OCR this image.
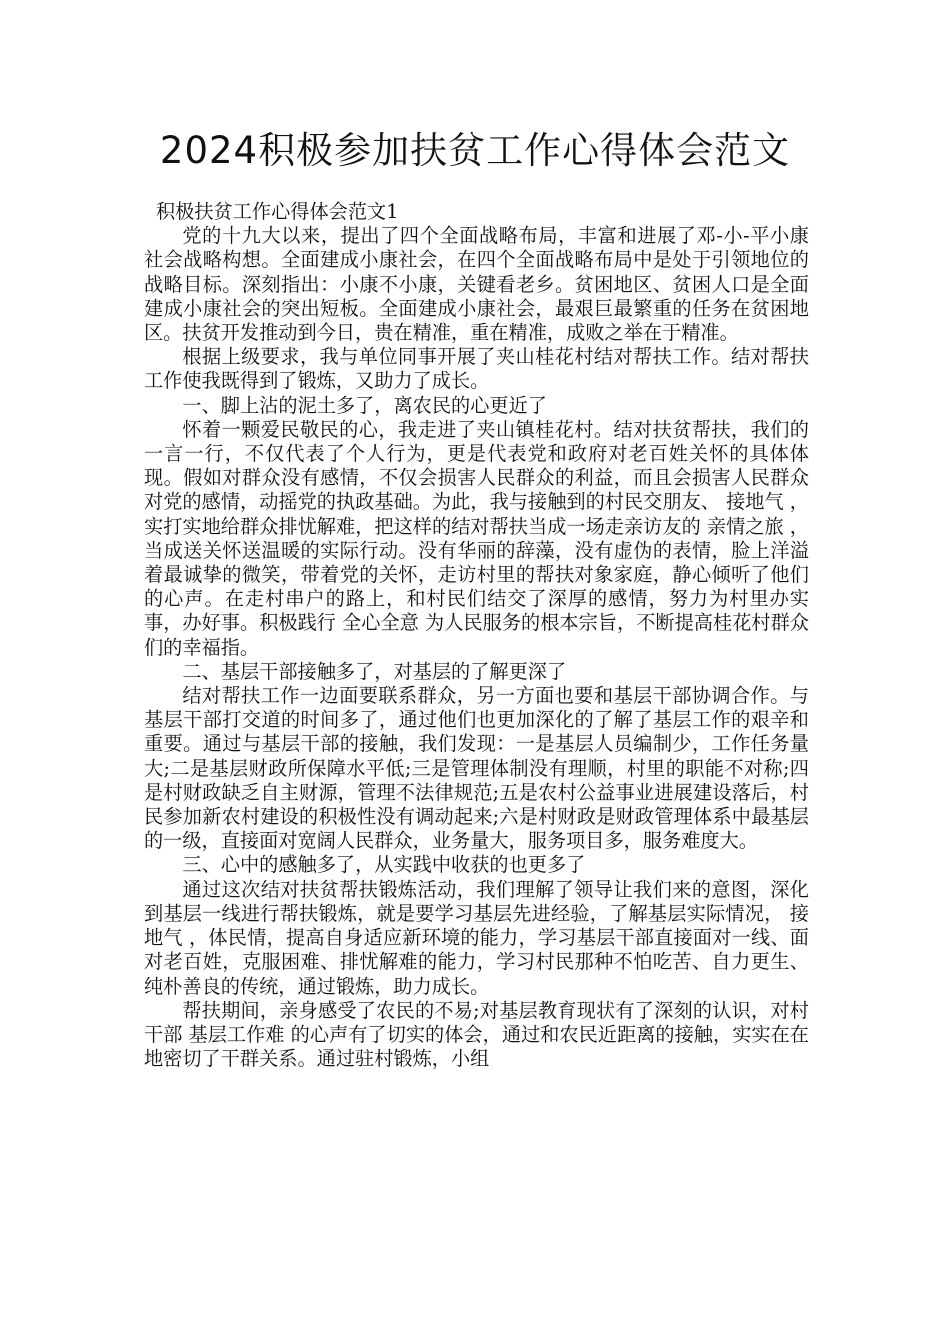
2024积极参加扶贫工作心得体会范文

积极扶贫工作心得体会范文1

党的十九大以来，提出了四个全面战略布局，丰富和进展了邓-小-平小康社会战略构想。全面建成小康社会，在四个全面战略布局中是处于引领地位的战略目标。深刻指出：小康不小康，关键看老乡。贫困地区、贫困人口是全面建成小康社会的突出短板。全面建成小康社会，最艰巨最繁重的任务在贫困地区。扶贫开发推动到今日，贵在精准，重在精准，成败之举在于精准。

根据上级要求，我与单位同事开展了夹山桂花村结对帮扶工作。结对帮扶工作使我既得到了锻炼，又助力了成长。

一、脚上沾的泥土多了，离农民的心更近了

怀着一颗爱民敬民的心，我走进了夹山镇桂花村。结对扶贫帮扶，我们的一言一行，不仅代表了个人行为，更是代表党和政府对老百姓关怀的具体体现。假如对群众没有感情，不仅会损害人民群众的利益，而且会损害人民群众对党的感情，动摇党的执政基础。为此，我与接触到的村民交朋友、 接地气 ，实打实地给群众排忧解难，把这样的结对帮扶当成一场走亲访友的 亲情之旅 ，当成送关怀送温暖的实际行动。没有华丽的辞藻，没有虚伪的表情，脸上洋溢着最诚挚的微笑，带着党的关怀，走访村里的帮扶对象家庭，静心倾听了他们的心声。在走村串户的路上，和村民们结交了深厚的感情，努力为村里办实事，办好事。积极践行 全心全意 为人民服务的根本宗旨，不断提高桂花村群众们的幸福指。

二、基层干部接触多了，对基层的了解更深了

结对帮扶工作一边面要联系群众，另一方面也要和基层干部协调合作。与基层干部打交道的时间多了，通过他们也更加深化的了解了基层工作的艰辛和重要。通过与基层干部的接触，我们发现：一是基层人员编制少，工作任务量大;二是基层财政所保障水平低;三是管理体制没有理顺，村里的职能不对称;四是村财政缺乏自主财源，管理不法律规范;五是农村公益事业进展建设落后，村民参加新农村建设的积极性没有调动起来;六是村财政是财政管理体系中最基层的一级，直接面对宽阔人民群众，业务量大，服务项目多，服务难度大。

三、心中的感触多了，从实践中收获的也更多了

通过这次结对扶贫帮扶锻炼活动，我们理解了领导让我们来的意图，深化到基层一线进行帮扶锻炼，就是要学习基层先进经验，了解基层实际情况， 接地气 ，体民情，提高自身适应新环境的能力，学习基层干部直接面对一线、面对老百姓，克服困难、排忧解难的能力，学习村民那种不怕吃苦、自力更生、纯朴善良的传统，通过锻炼，助力成长。

帮扶期间，亲身感受了农民的不易;对基层教育现状有了深刻的认识，对村干部 基层工作难 的心声有了切实的体会，通过和农民近距离的接触，实实在在地密切了干群关系。通过驻村锻炼，小组
